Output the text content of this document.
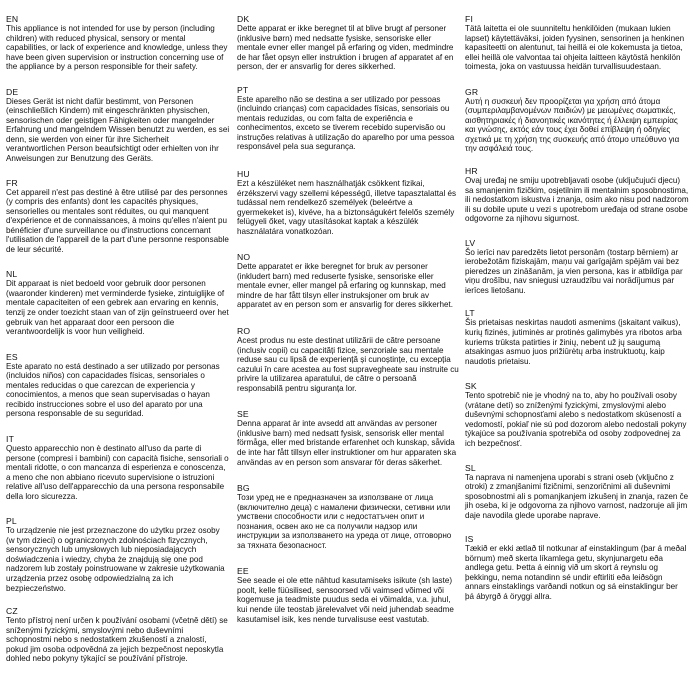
EN

This appliance is not intended for use by person (including children) with reduced physical, sensory or mental capabilities, or lack of experience and knowledge, unless they have been given supervision or instruction concerning use of the appliance by a person responsible for their safety.

DE

Dieses Gerät ist nicht dafür bestimmt, von Personen (einschließlich Kindern) mit eingeschränkten physischen, sensorischen oder geistigen Fähigkeiten oder mangelnder Erfahrung und mangelndem Wissen benutzt zu werden, es sei denn, sie werden von einer für ihre Sicherheit verantwortlichen Person beaufsichtigt oder erhielten von ihr Anweisungen zur Benutzung des Geräts.

FR

Cet appareil n'est pas destiné à être utilisé par des personnes (y compris des enfants) dont les capacités physiques, sensorielles ou mentales sont réduites, ou qui manquent d'expérience et de connaissances, à moins qu'elles n'aient pu bénéficier d'une surveillance ou d'instructions concernant l'utilisation de l'appareil de la part d'une personne responsable de leur sécurité.

NL

Dit apparaat is niet bedoeld voor gebruik door personen (waaronder kinderen) met verminderde fysieke, zintuiglijke of mentale capaciteiten of een gebrek aan ervaring en kennis, tenzij ze onder toezicht staan van of zijn geïnstrueerd over het gebruik van het apparaat door een persoon die verantwoordelijk is voor hun veiligheid.

ES

Este aparato no está destinado a ser utilizado por personas (incluidos niños) con capacidades físicas, sensoriales o mentales reducidas o que carezcan de experiencia y conocimientos, a menos que sean supervisadas o hayan recibido instrucciones sobre el uso del aparato por una persona responsable de su seguridad.

IT

Questo apparecchio non è destinato all'uso da parte di persone (compresi i bambini) con capacità fisiche, sensoriali o mentali ridotte, o con mancanza di esperienza e conoscenza, a meno che non abbiano ricevuto supervisione o istruzioni relative all'uso dell'apparecchio da una persona responsabile della loro sicurezza.

PL

To urządzenie nie jest przeznaczone do użytku przez osoby (w tym dzieci) o ograniczonych zdolnościach fizycznych, sensorycznych lub umysłowych lub nieposiadających doświadczenia i wiedzy, chyba że znajdują się one pod nadzorem lub zostały poinstruowane w zakresie użytkowania urządzenia przez osobę odpowiedzialną za ich bezpieczeństwo.

CZ

Tento přístroj není určen k používání osobami (včetně dětí) se sníženými fyzickými, smyslovými nebo duševními schopnostmi nebo s nedostatkem zkušeností a znalostí, pokud jim osoba odpovědná za jejich bezpečnost neposkytla dohled nebo pokyny týkající se používání přístroje.

DK

Dette apparat er ikke beregnet til at blive brugt af personer (inklusive børn) med nedsatte fysiske, sensoriske eller mentale evner eller mangel på erfaring og viden, medmindre de har fået opsyn eller instruktion i brugen af apparatet af en person, der er ansvarlig for deres sikkerhed.

PT

Este aparelho não se destina a ser utilizado por pessoas (incluindo crianças) com capacidades físicas, sensoriais ou mentais reduzidas, ou com falta de experiência e conhecimentos, exceto se tiverem recebido supervisão ou instruções relativas à utilização do aparelho por uma pessoa responsável pela sua segurança.

HU

Ezt a készüléket nem használhatják csökkent fizikai, érzékszervi vagy szellemi képességű, illetve tapasztalattal és tudással nem rendelkező személyek (beleértve a gyermekeket is), kivéve, ha a biztonságukért felelős személy felügyeli őket, vagy utasításokat kaptak a készülék használatára vonatkozóan.

NO

Dette apparatet er ikke beregnet for bruk av personer (inkludert barn) med reduserte fysiske, sensoriske eller mentale evner, eller mangel på erfaring og kunnskap, med mindre de har fått tilsyn eller instruksjoner om bruk av apparatet av en person som er ansvarlig for deres sikkerhet.

RO

Acest produs nu este destinat utilizării de către persoane (inclusiv copii) cu capacități fizice, senzoriale sau mentale reduse sau cu lipsă de experiență și cunoștințe, cu excepția cazului în care acestea au fost supravegheate sau instruite cu privire la utilizarea aparatului, de către o persoană responsabilă pentru siguranța lor.

SE

Denna apparat är inte avsedd att användas av personer (inklusive barn) med nedsatt fysisk, sensorisk eller mental förmåga, eller med bristande erfarenhet och kunskap, såvida de inte har fått tillsyn eller instruktioner om hur apparaten ska användas av en person som ansvarar för deras säkerhet.

BG

Този уред не е предназначен за използване от лица (включително деца) с намалени физически, сетивни или умствени способности или с недостатъчен опит и познания, освен ако не са получили надзор или инструкции за използването на уреда от лице, отговорно за тяхната безопасност.

EE

See seade ei ole ette nähtud kasutamiseks isikute (sh laste) poolt, kelle füüsilised, sensoorsed või vaimsed võimed või kogemuse ja teadmiste puudus seda ei võimalda, v.a. juhul, kui nende üle teostab järelevalvet või neid juhendab seadme kasutamisel isik, kes nende turvalisuse eest vastutab.

FI

Tätä laitetta ei ole suunniteltu henkilöiden (mukaan lukien lapset) käytettäväksi, joiden fyysinen, sensorinen ja henkinen kapasiteetti on alentunut, tai heillä ei ole kokemusta ja tietoa, ellei heillä ole valvontaa tai ohjeita laitteen käytöstä henkilön toimesta, joka on vastuussa heidän turvallisuudestaan.

GR

Αυτή η συσκευή δεν προορίζεται για χρήση από άτομα (συμπεριλαμβανομένων παιδιών) με μειωμένες σωματικές, αισθητηριακές ή διανοητικές ικανότητες ή έλλειψη εμπειρίας και γνώσης, εκτός εάν τους έχει δοθεί επίβλεψη ή οδηγίες σχετικά με τη χρήση της συσκευής από άτομο υπεύθυνο για την ασφάλειά τους.

HR

Ovaj uređaj ne smiju upotrebljavati osobe (uključujući djecu) sa smanjenim fizičkim, osjetilnim ili mentalnim sposobnostima, ili nedostatkom iskustva i znanja, osim ako nisu pod nadzorom ili su dobile upute u vezi s upotrebom uređaja od strane osobe odgovorne za njihovu sigurnost.

LV

Šo ierīci nav paredzēts lietot personām (tostarp bērniem) ar ierobežotām fiziskajām, maņu vai garīgajām spējām vai bez pieredzes un zināšanām, ja vien persona, kas ir atbildīga par viņu drošību, nav sniegusi uzraudzību vai norādījumus par ierīces lietošanu.

LT

Šis prietaisas neskirtas naudoti asmenims (įskaitant vaikus), kurių fizinės, jutiminės ar protinės galimybės yra ribotos arba kuriems trūksta patirties ir žinių, nebent už jų saugumą atsakingas asmuo juos prižiūrėtų arba instruktuotų, kaip naudotis prietaisu.

SK

Tento spotrebič nie je vhodný na to, aby ho používali osoby (vrátane detí) so zníženými fyzickými, zmyslovými alebo duševnými schopnosťami alebo s nedostatkom skúseností a vedomostí, pokiaľ nie sú pod dozorom alebo nedostali pokyny týkajúce sa používania spotrebiča od osoby zodpovednej za ich bezpečnosť.

SL

Ta naprava ni namenjena uporabi s strani oseb (vključno z otroki) z zmanjšanimi fizičnimi, senzoričnimi ali duševnimi sposobnostmi ali s pomanjkanjem izkušenj in znanja, razen če jih oseba, ki je odgovorna za njihovo varnost, nadzoruje ali jim daje navodila glede uporabe naprave.

IS

Tækið er ekki ætlað til notkunar af einstaklingum (þar á meðal börnum) með skerta líkamlega getu, skynjunargetu eða andlega getu. Þetta á einnig við um skort á reynslu og þekkingu, nema notandinn sé undir eftirliti eða leiðsögn annars einstaklings varðandi notkun og sá einstaklingur ber þá ábyrgð á öryggi allra.
